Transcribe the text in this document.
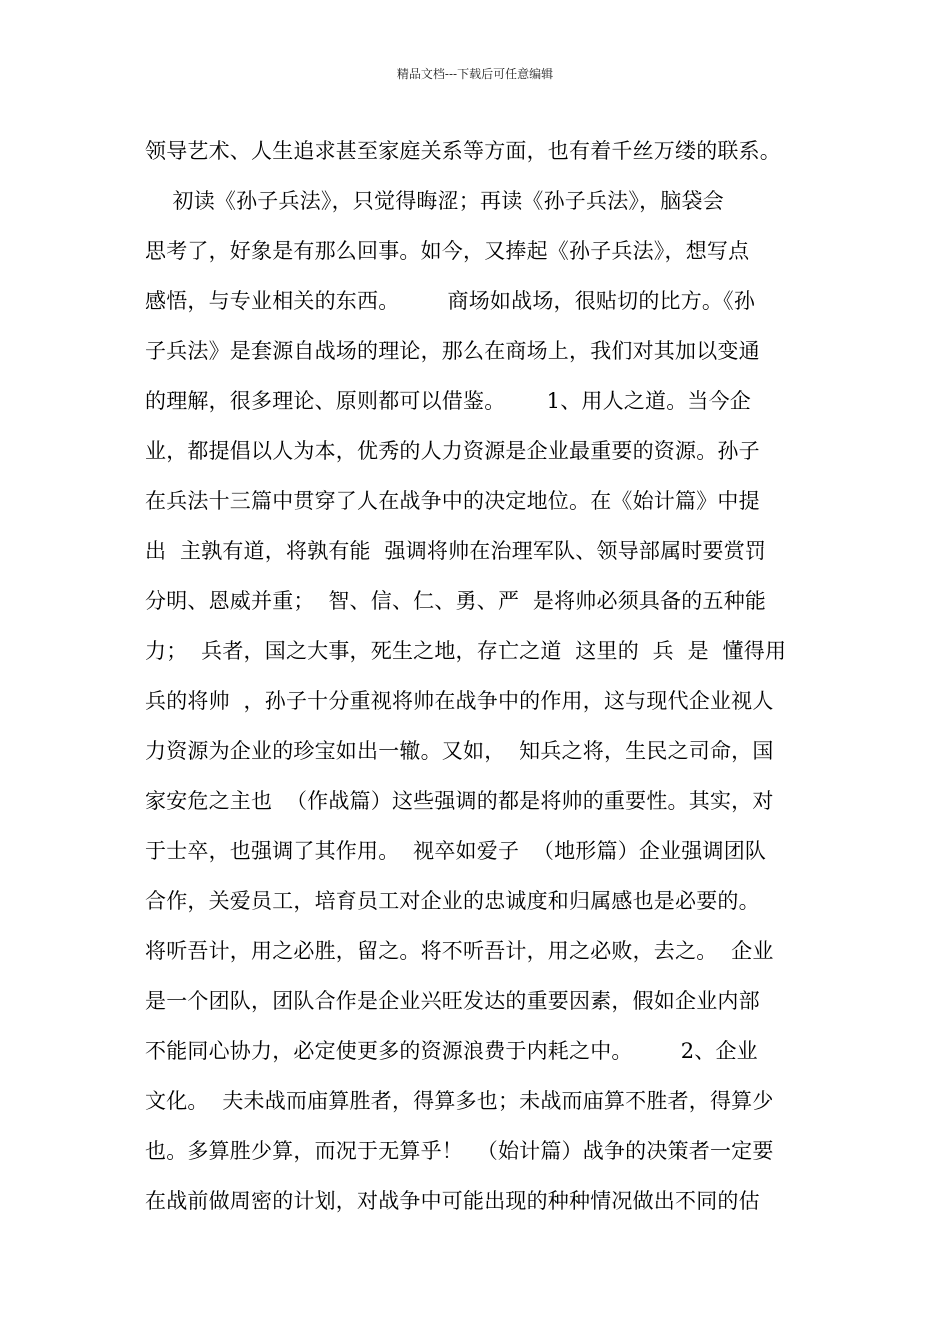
精品文档---下载后可任意编辑
领导艺术、人生追求甚至家庭关系等方面，也有着千丝万缕的联系。
初读《孙子兵法》，只觉得晦涩；再读《孙子兵法》，脑袋会
思考了，好象是有那么回事。如今，又捧起《孙子兵法》，想写点
感悟，与专业相关的东西。       商场如战场，很贴切的比方。《孙
子兵法》是套源自战场的理论，那么在商场上，我们对其加以变通
的理解，很多理论、原则都可以借鉴。      1、用人之道。当今企
业，都提倡以人为本，优秀的人力资源是企业最重要的资源。孙子
在兵法十三篇中贯穿了人在战争中的决定地位。在《始计篇》中提
出  主孰有道，将孰有能  强调将帅在治理军队、领导部属时要赏罚
分明、恩威并重；  智、信、仁、勇、严  是将帅必须具备的五种能
力；  兵者，国之大事，死生之地，存亡之道  这里的  兵  是  懂得用
兵的将帅  ，孙子十分重视将帅在战争中的作用，这与现代企业视人
力资源为企业的珍宝如出一辙。又如，  知兵之将，生民之司命，国
家安危之主也  （作战篇）这些强调的都是将帅的重要性。其实，对
于士卒，也强调了其作用。  视卒如爱子  （地形篇）企业强调团队
合作，关爱员工，培育员工对企业的忠诚度和归属感也是必要的。
将听吾计，用之必胜，留之。将不听吾计，用之必败，去之。  企业
是一个团队，团队合作是企业兴旺发达的重要因素，假如企业内部
不能同心协力，必定使更多的资源浪费于内耗之中。       2、企业
文化。  夫未战而庙算胜者，得算多也；未战而庙算不胜者，得算少
也。多算胜少算，而况于无算乎！  （始计篇）战争的决策者一定要
在战前做周密的计划，对战争中可能出现的种种情况做出不同的估
